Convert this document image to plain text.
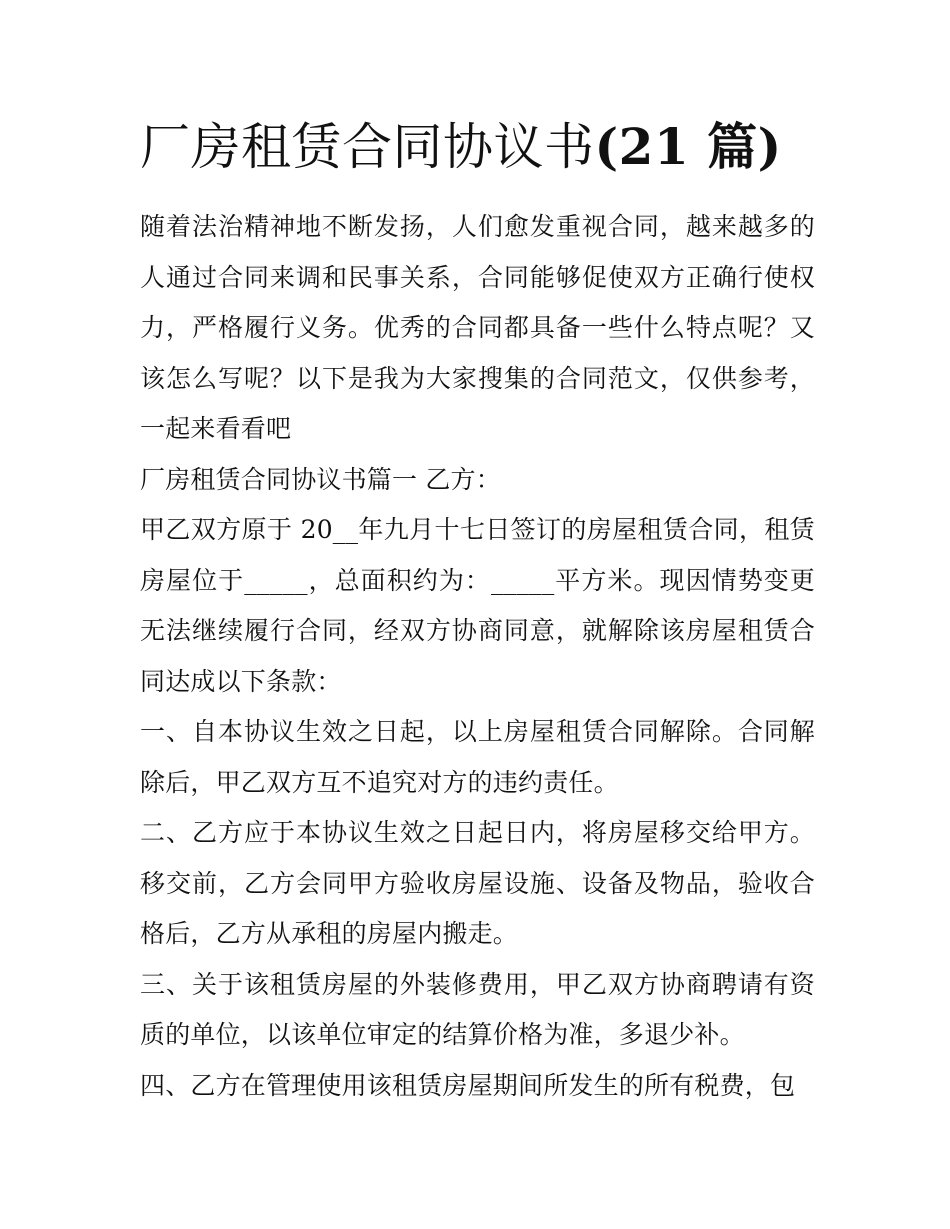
厂房租赁合同协议书(21 篇)

随着法治精神地不断发扬，人们愈发重视合同，越来越多的人通过合同来调和民事关系，合同能够促使双方正确行使权力，严格履行义务。优秀的合同都具备一些什么特点呢？又该怎么写呢？以下是我为大家搜集的合同范文，仅供参考，一起来看看吧

厂房租赁合同协议书篇一 乙方：

甲乙双方原于 20__年九月十七日签订的房屋租赁合同，租赁房屋位于_____，总面积约为：_____平方米。现因情势变更无法继续履行合同，经双方协商同意，就解除该房屋租赁合同达成以下条款：

一、自本协议生效之日起，以上房屋租赁合同解除。合同解除后，甲乙双方互不追究对方的违约责任。

二、乙方应于本协议生效之日起日内，将房屋移交给甲方。移交前，乙方会同甲方验收房屋设施、设备及物品，验收合格后，乙方从承租的房屋内搬走。

三、关于该租赁房屋的外装修费用，甲乙双方协商聘请有资质的单位，以该单位审定的结算价格为准，多退少补。

四、乙方在管理使用该租赁房屋期间所发生的所有税费，包
